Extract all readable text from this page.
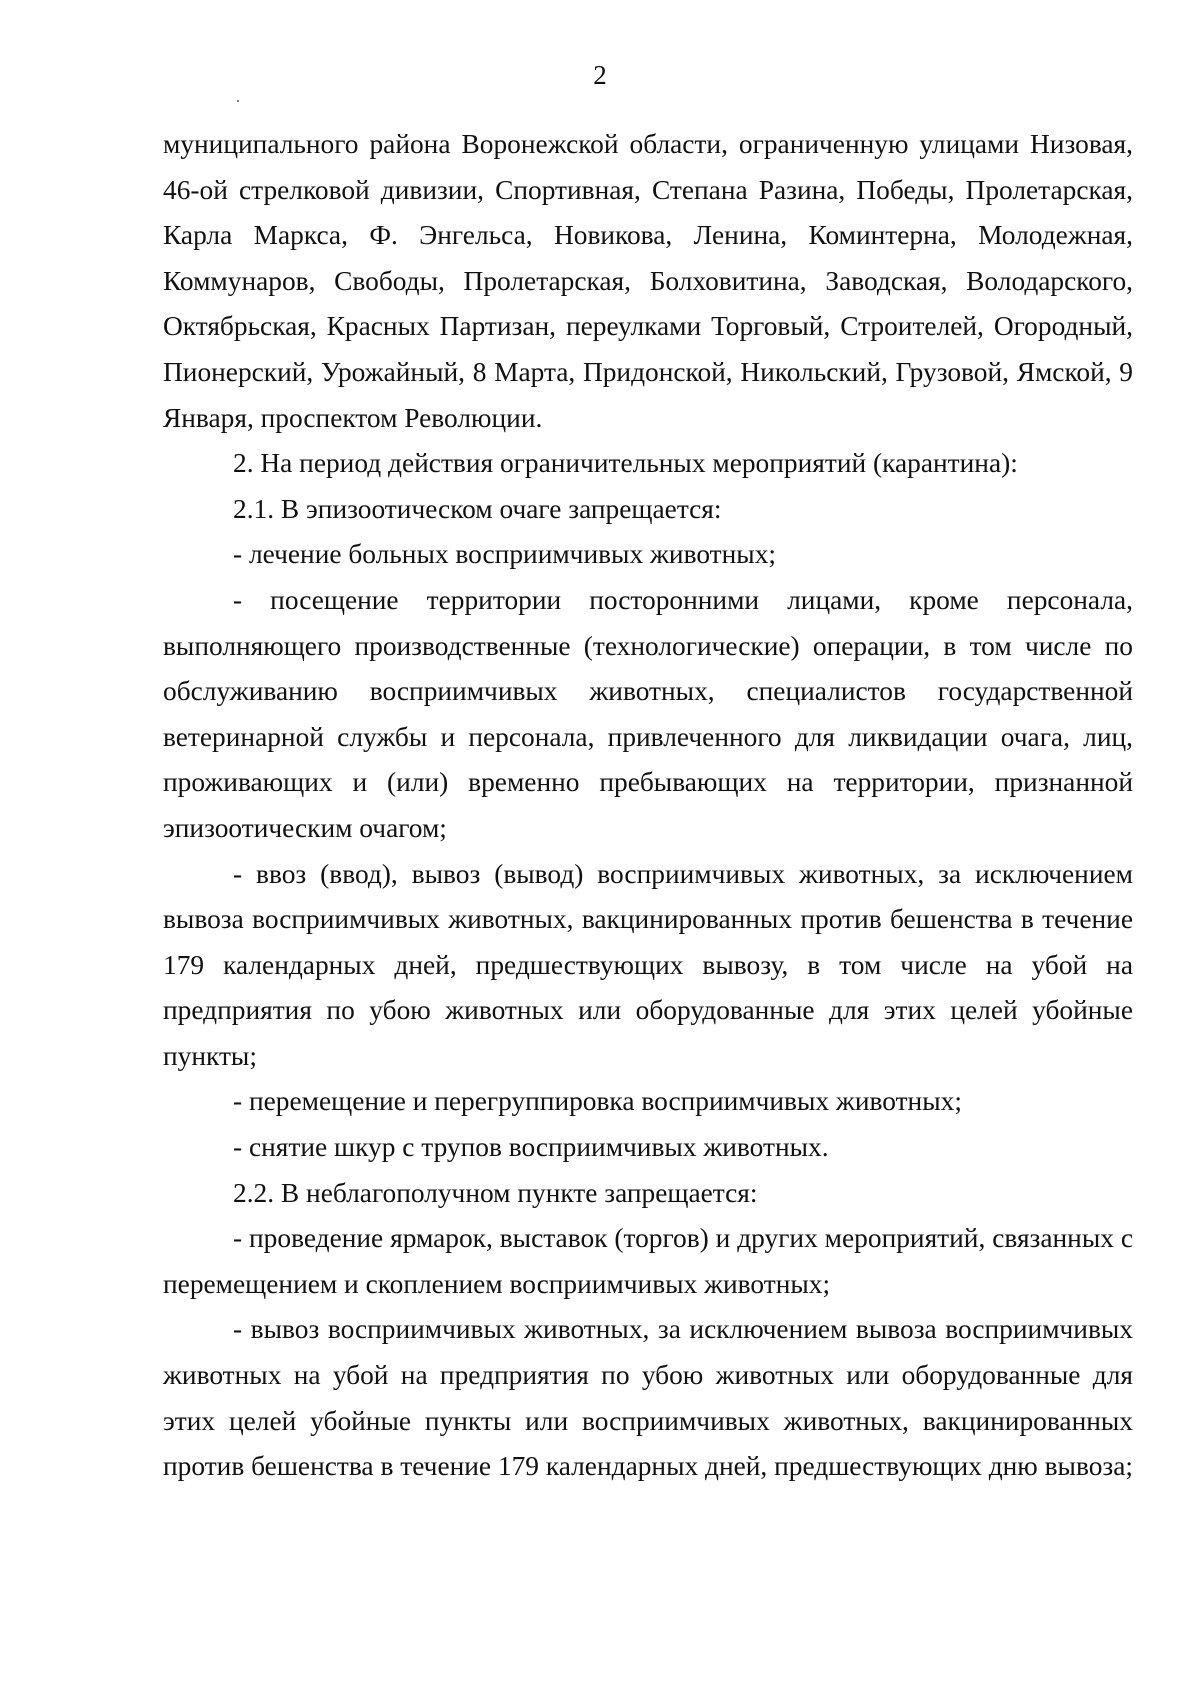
2

муниципального района Воронежской области, ограниченную улицами Низовая, 46-ой стрелковой дивизии, Спортивная, Степана Разина, Победы, Пролетарская, Карла Маркса, Ф. Энгельса, Новикова, Ленина, Коминтерна, Молодежная, Коммунаров, Свободы, Пролетарская, Болховитина, Заводская, Володарского, Октябрьская, Красных Партизан, переулками Торговый, Строителей, Огородный, Пионерский, Урожайный, 8 Марта, Придонской, Никольский, Грузовой, Ямской, 9 Января, проспектом Революции.

2. На период действия ограничительных мероприятий (карантина):

2.1. В эпизоотическом очаге запрещается:

- лечение больных восприимчивых животных;

- посещение территории посторонними лицами, кроме персонала, выполняющего производственные (технологические) операции, в том числе по обслуживанию восприимчивых животных, специалистов государственной ветеринарной службы и персонала, привлеченного для ликвидации очага, лиц, проживающих и (или) временно пребывающих на территории, признанной эпизоотическим очагом;

- ввоз (ввод), вывоз (вывод) восприимчивых животных, за исключением вывоза восприимчивых животных, вакцинированных против бешенства в течение 179 календарных дней, предшествующих вывозу, в том числе на убой на предприятия по убою животных или оборудованные для этих целей убойные пункты;

- перемещение и перегруппировка восприимчивых животных;

- снятие шкур с трупов восприимчивых животных.

2.2. В неблагополучном пункте запрещается:

- проведение ярмарок, выставок (торгов) и других мероприятий, связанных с перемещением и скоплением восприимчивых животных;

- вывоз восприимчивых животных, за исключением вывоза восприимчивых животных на убой на предприятия по убою животных или оборудованные для этих целей убойные пункты или восприимчивых животных, вакцинированных против бешенства в течение 179 календарных дней, предшествующих дню вывоза;
